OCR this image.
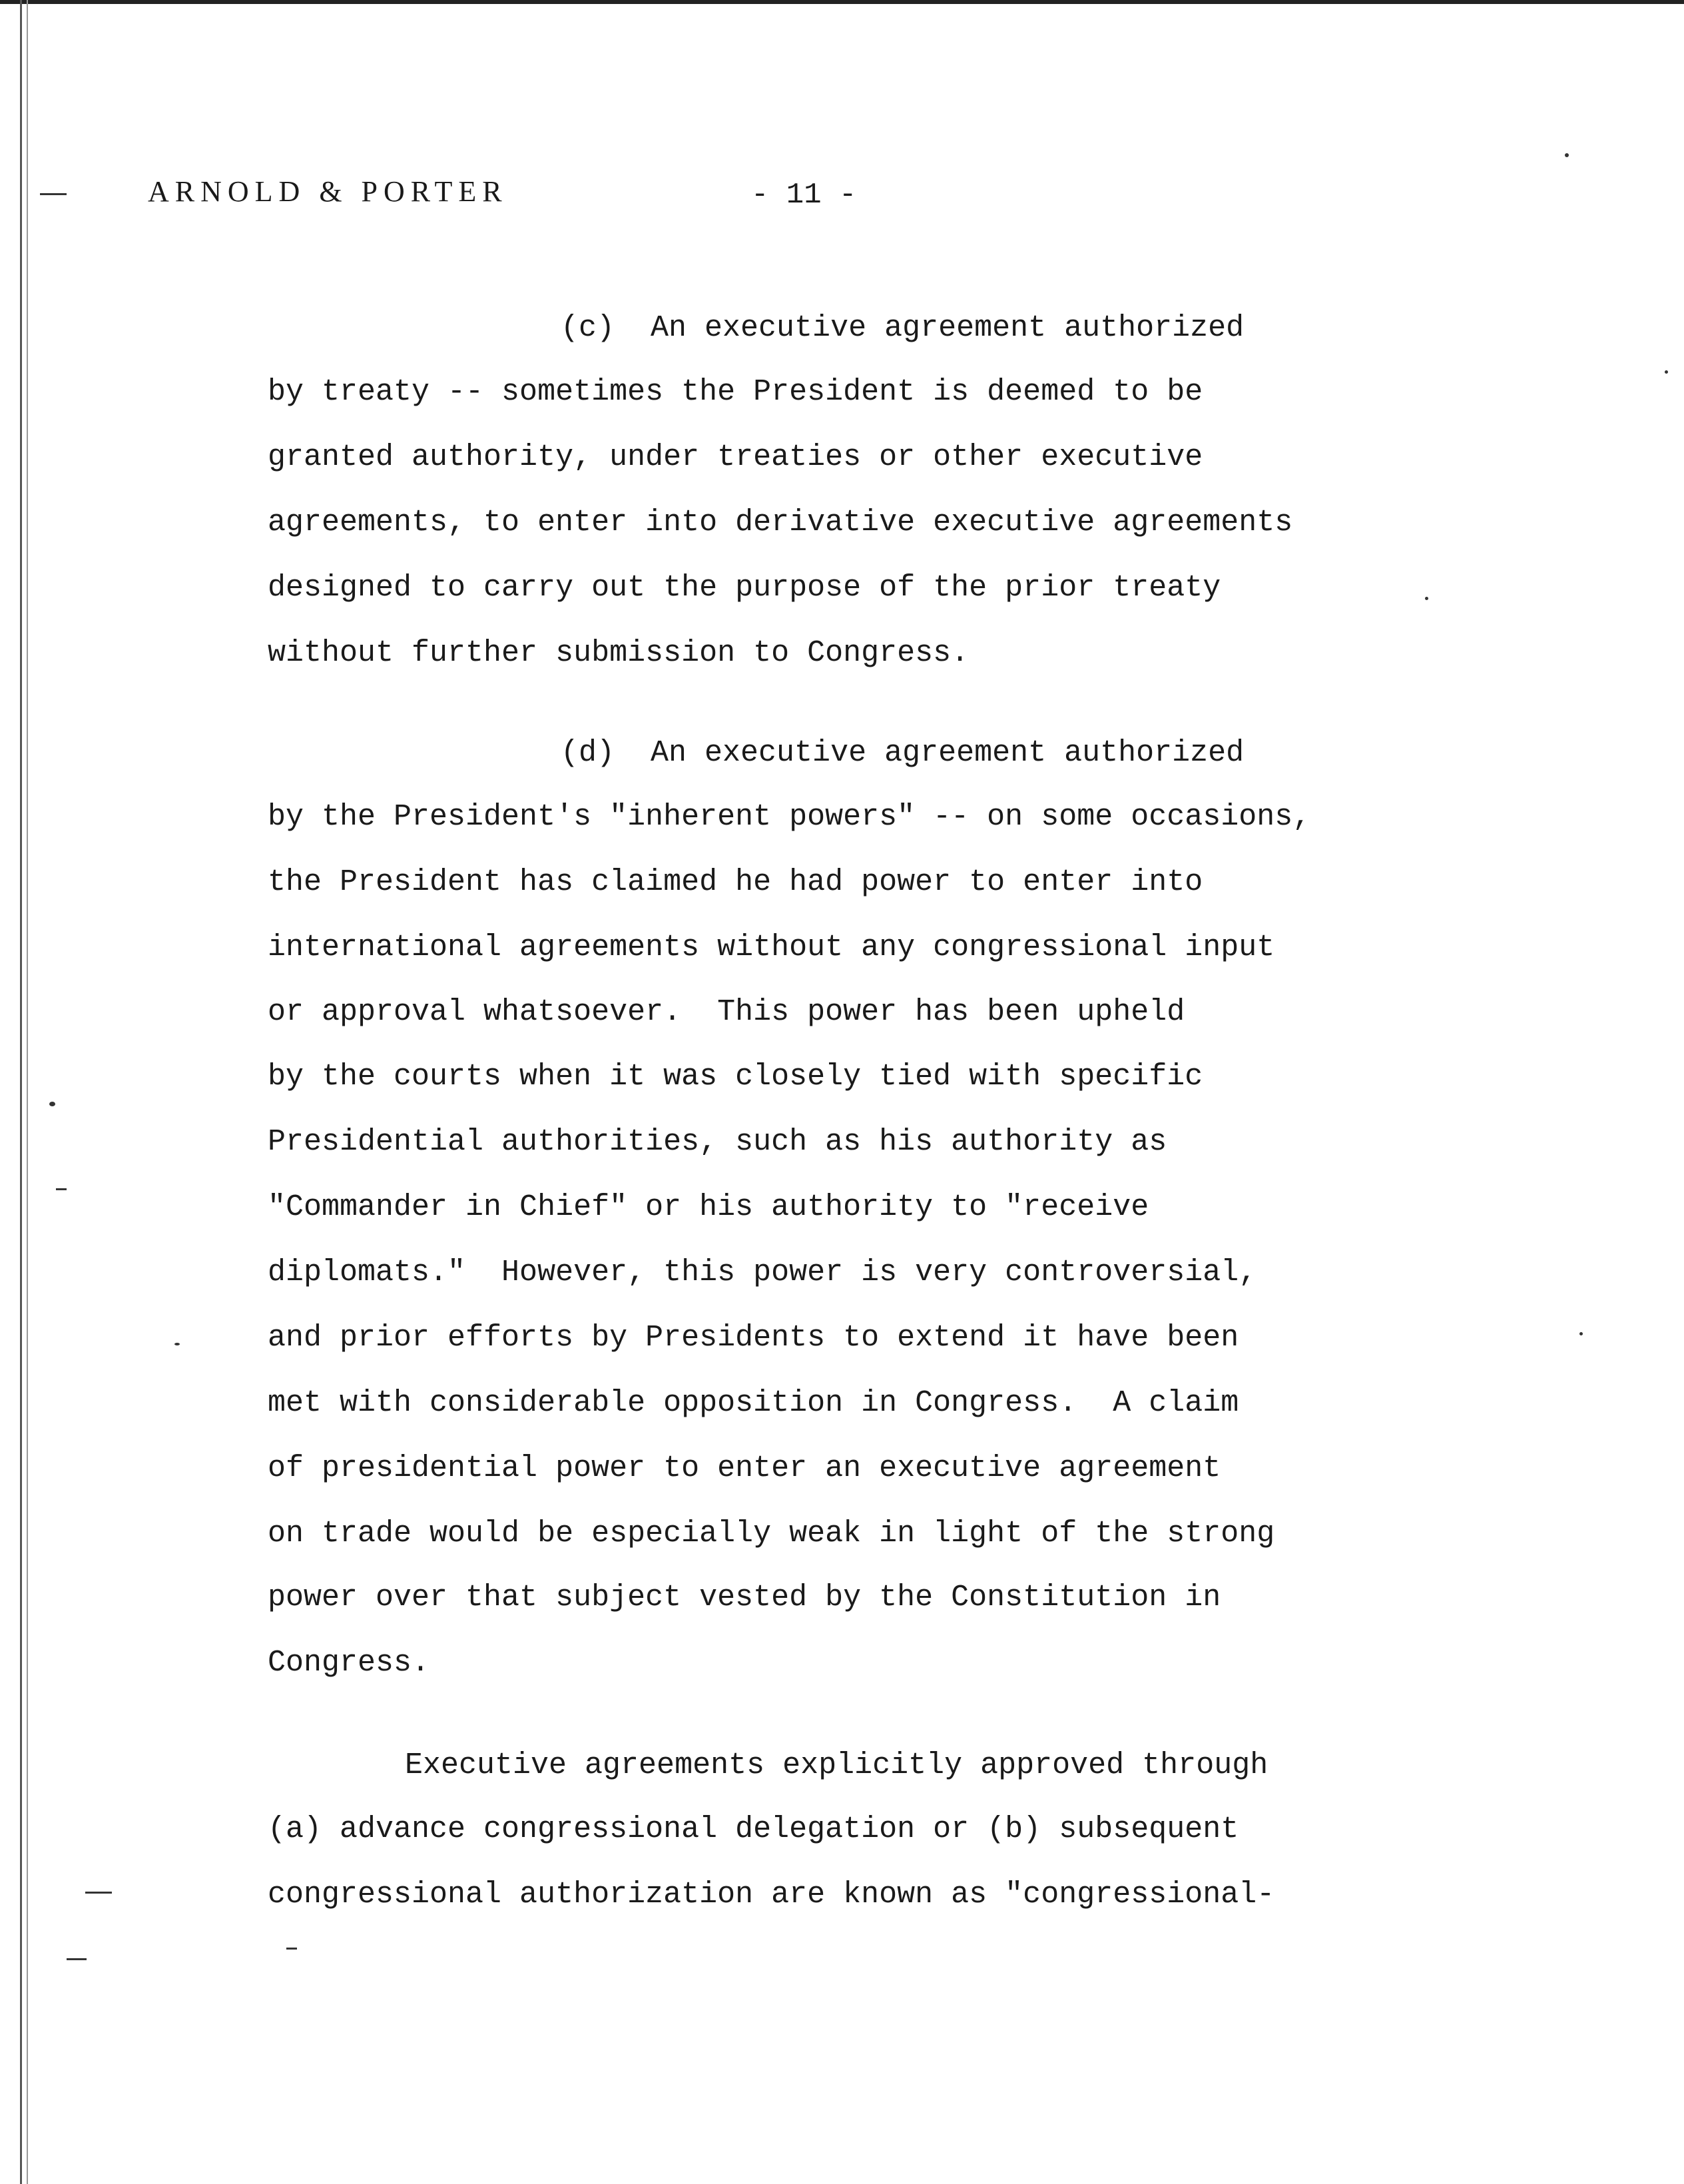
ARNOLD & PORTER	- 11 -
(c)  An executive agreement authorized
by treaty -- sometimes the President is deemed to be
granted authority, under treaties or other executive
agreements, to enter into derivative executive agreements
designed to carry out the purpose of the prior treaty
without further submission to Congress.
(d)  An executive agreement authorized
by the President's "inherent powers" -- on some occasions,
the President has claimed he had power to enter into
international agreements without any congressional input
or approval whatsoever.  This power has been upheld
by the courts when it was closely tied with specific
Presidential authorities, such as his authority as
"Commander in Chief" or his authority to "receive
diplomats."  However, this power is very controversial,
and prior efforts by Presidents to extend it have been
met with considerable opposition in Congress.  A claim
of presidential power to enter an executive agreement
on trade would be especially weak in light of the strong
power over that subject vested by the Constitution in
Congress.
Executive agreements explicitly approved through
(a) advance congressional delegation or (b) subsequent
congressional authorization are known as "congressional-
